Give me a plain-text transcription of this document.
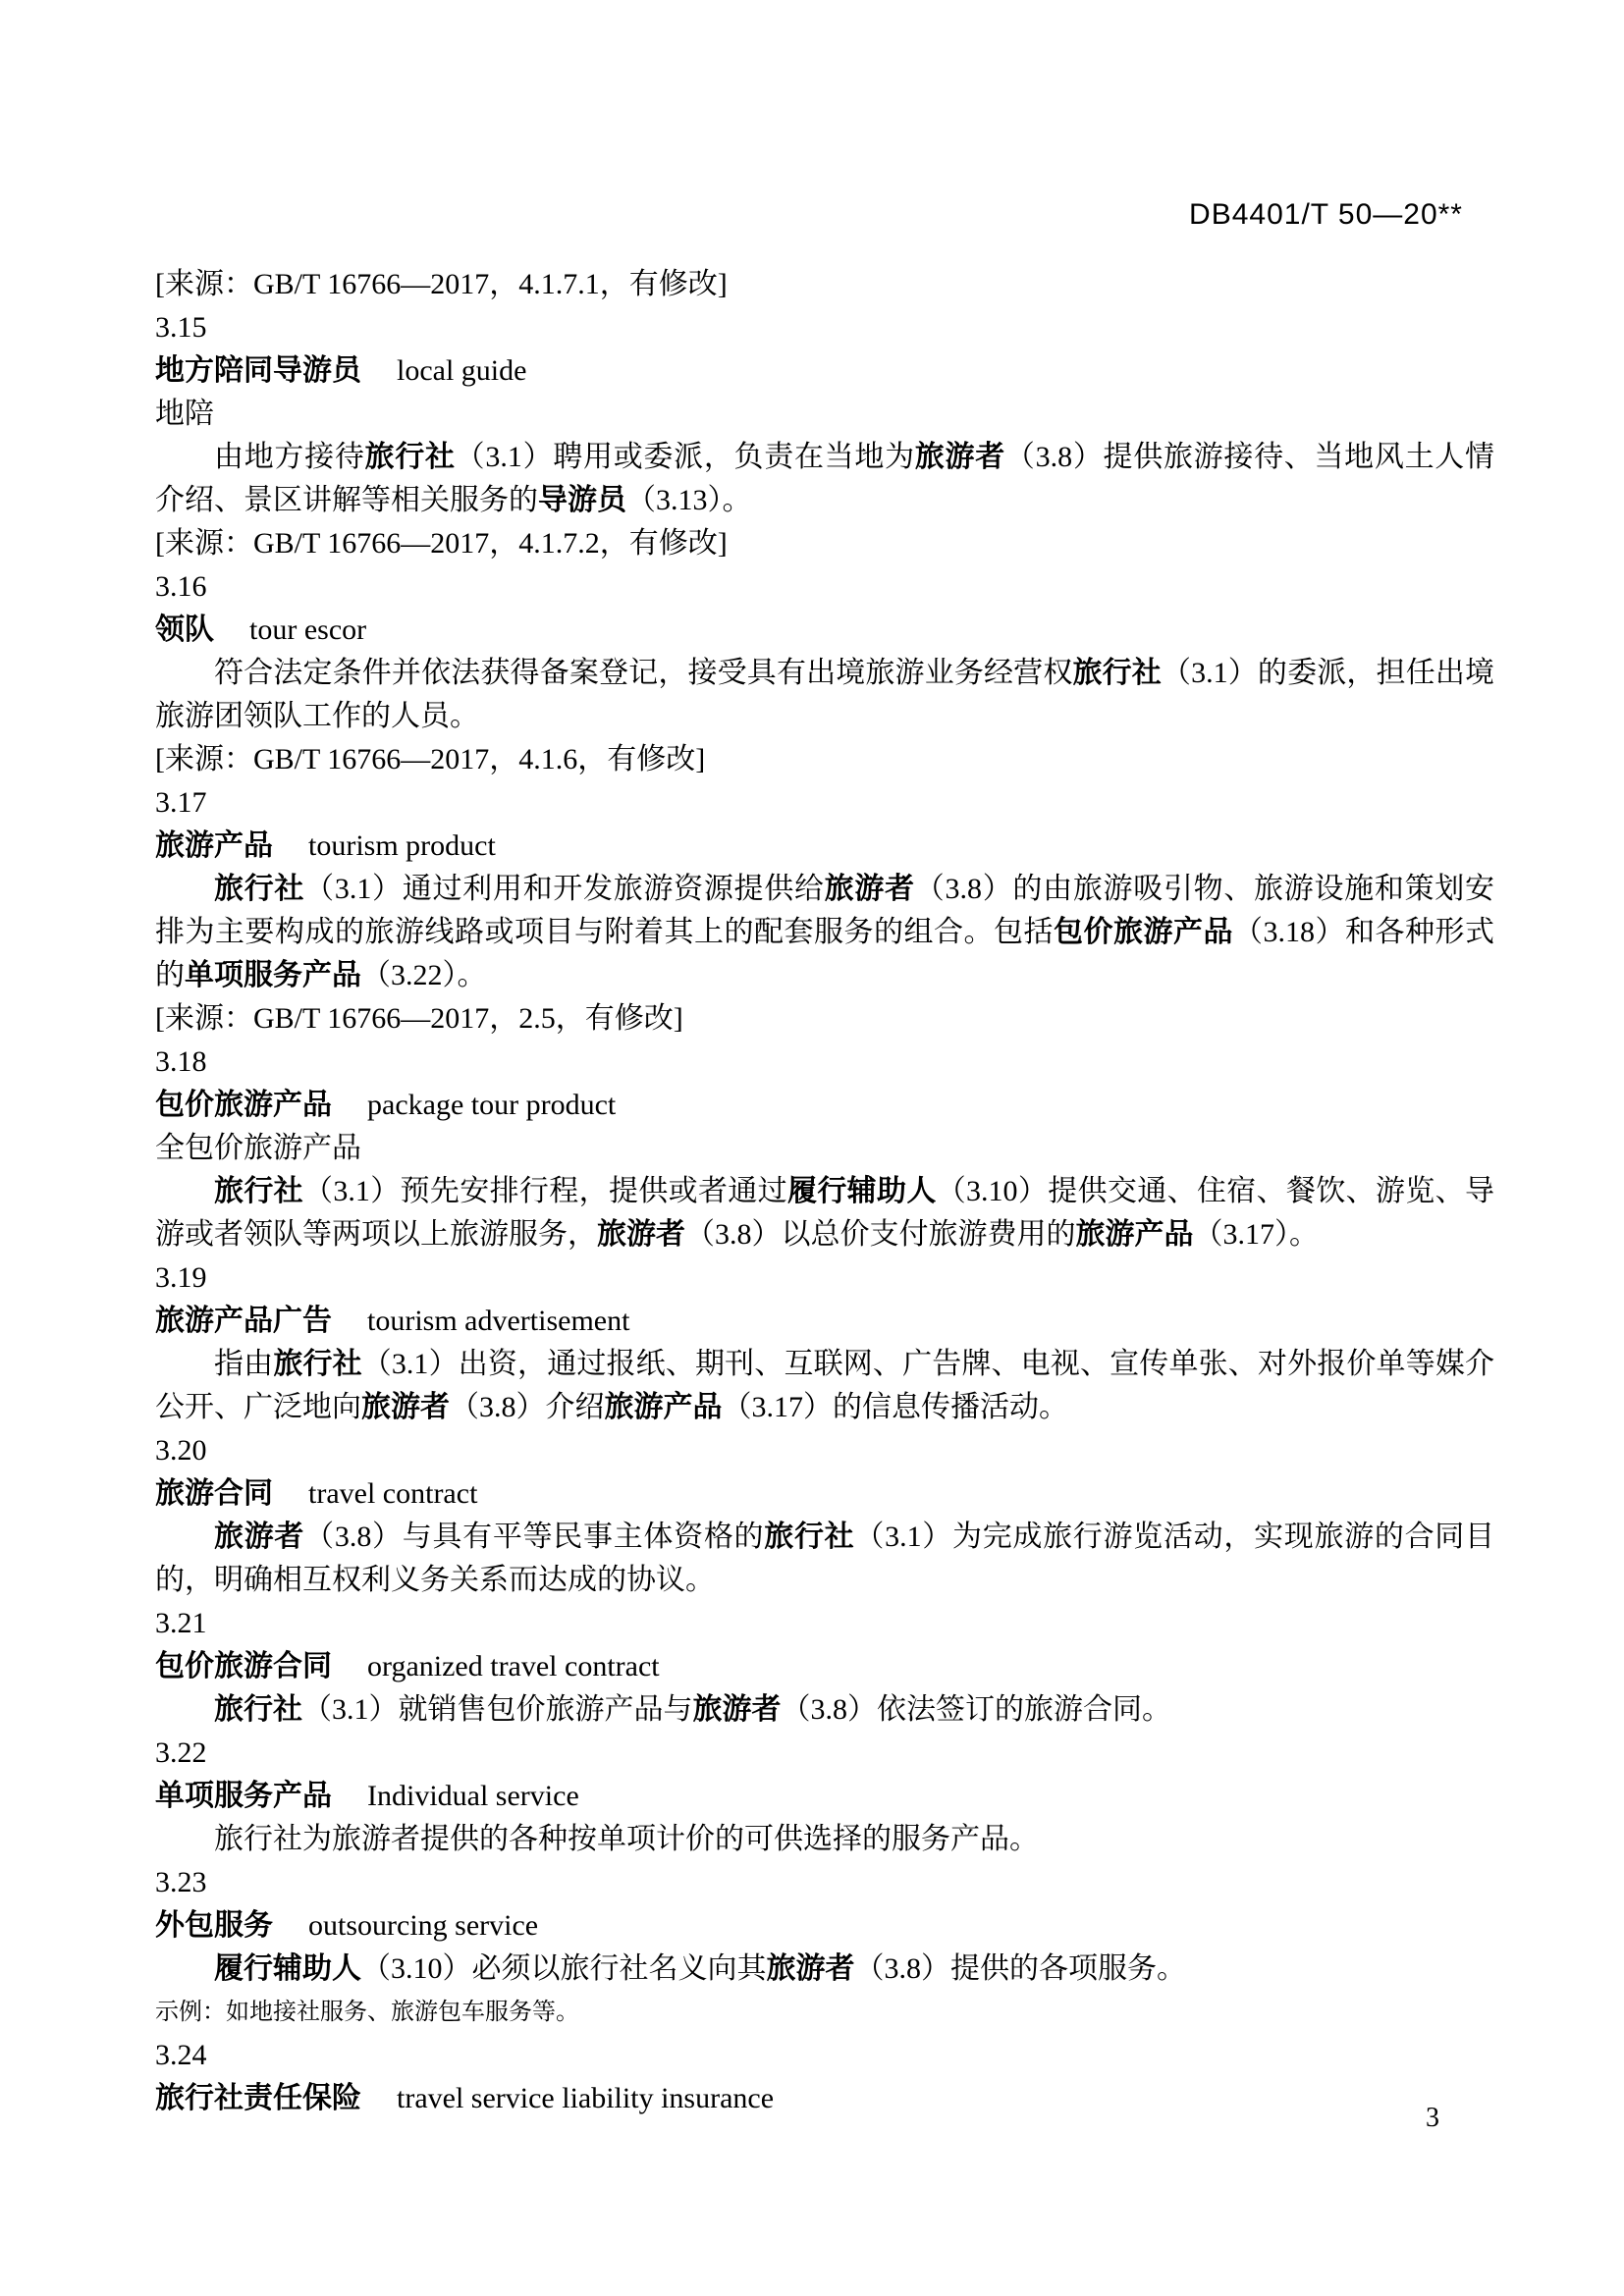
DB4401/T 50—20**
[来源：GB/T 16766—2017，4.1.7.1，有修改]
3.15
地方陪同导游员 local guide
地陪

由地方接待旅行社（3.1）聘用或委派，负责在当地为旅游者（3.8）提供旅游接待、当地风土人情介绍、景区讲解等相关服务的导游员（3.13）。

[来源：GB/T 16766—2017，4.1.7.2，有修改]
3.16
领队 tour escor

符合法定条件并依法获得备案登记，接受具有出境旅游业务经营权旅行社（3.1）的委派，担任出境旅游团领队工作的人员。

[来源：GB/T 16766—2017，4.1.6，有修改]
3.17
旅游产品 tourism product

旅行社（3.1）通过利用和开发旅游资源提供给旅游者（3.8）的由旅游吸引物、旅游设施和策划安排为主要构成的旅游线路或项目与附着其上的配套服务的组合。包括包价旅游产品（3.18）和各种形式的单项服务产品（3.22）。

[来源：GB/T 16766—2017，2.5，有修改]
3.18
包价旅游产品 package tour product
全包价旅游产品

旅行社（3.1）预先安排行程，提供或者通过履行辅助人（3.10）提供交通、住宿、餐饮、游览、导游或者领队等两项以上旅游服务，旅游者（3.8）以总价支付旅游费用的旅游产品（3.17）。

3.19
旅游产品广告 tourism advertisement

指由旅行社（3.1）出资，通过报纸、期刊、互联网、广告牌、电视、宣传单张、对外报价单等媒介公开、广泛地向旅游者（3.8）介绍旅游产品（3.17）的信息传播活动。

3.20
旅游合同 travel contract

旅游者（3.8）与具有平等民事主体资格的旅行社（3.1）为完成旅行游览活动，实现旅游的合同目的，明确相互权利义务关系而达成的协议。

3.21
包价旅游合同 organized travel contract

旅行社（3.1）就销售包价旅游产品与旅游者（3.8）依法签订的旅游合同。

3.22
单项服务产品 Individual service

旅行社为旅游者提供的各种按单项计价的可供选择的服务产品。

3.23
外包服务 outsourcing service

履行辅助人（3.10）必须以旅行社名义向其旅游者（3.8）提供的各项服务。

示例：如地接社服务、旅游包车服务等。
3.24
旅行社责任保险 travel service liability insurance
3
